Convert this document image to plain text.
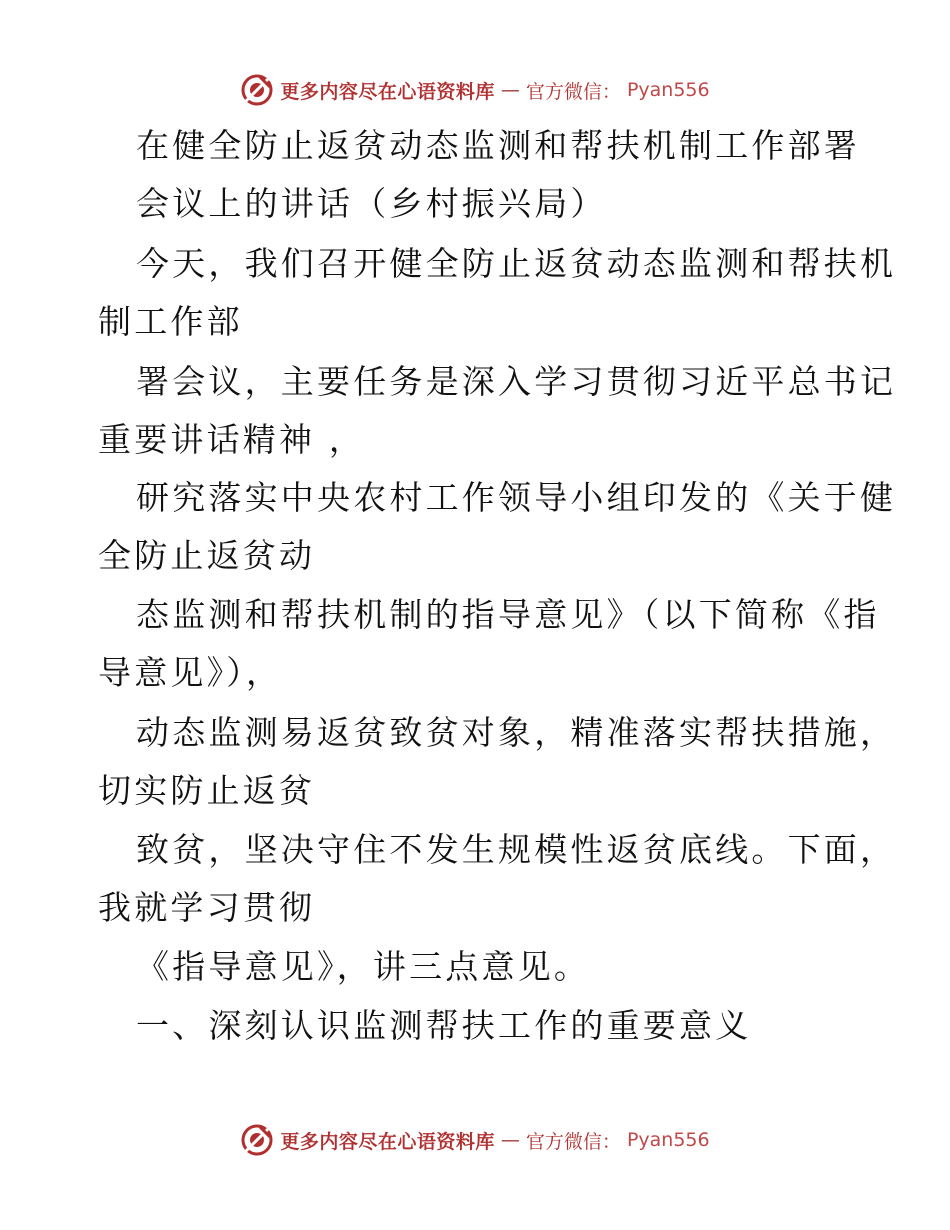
更多内容尽在心语资料库 — 官方微信： Pyan556
在健全防止返贫动态监测和帮扶机制工作部署
会议上的讲话（乡村振兴局）
今天，我们召开健全防止返贫动态监测和帮扶机
制工作部
署会议，主要任务是深入学习贯彻习近平总书记
重要讲话精神 ，
研究落实中央农村工作领导小组印发的《关于健
全防止返贫动
态监测和帮扶机制的指导意见》（以下简称《指
导意见》），
动态监测易返贫致贫对象，精准落实帮扶措施，
切实防止返贫
致贫，坚决守住不发生规模性返贫底线。下面，
我就学习贯彻
《指导意见》，讲三点意见。
一、深刻认识监测帮扶工作的重要意义
更多内容尽在心语资料库 — 官方微信： Pyan556
